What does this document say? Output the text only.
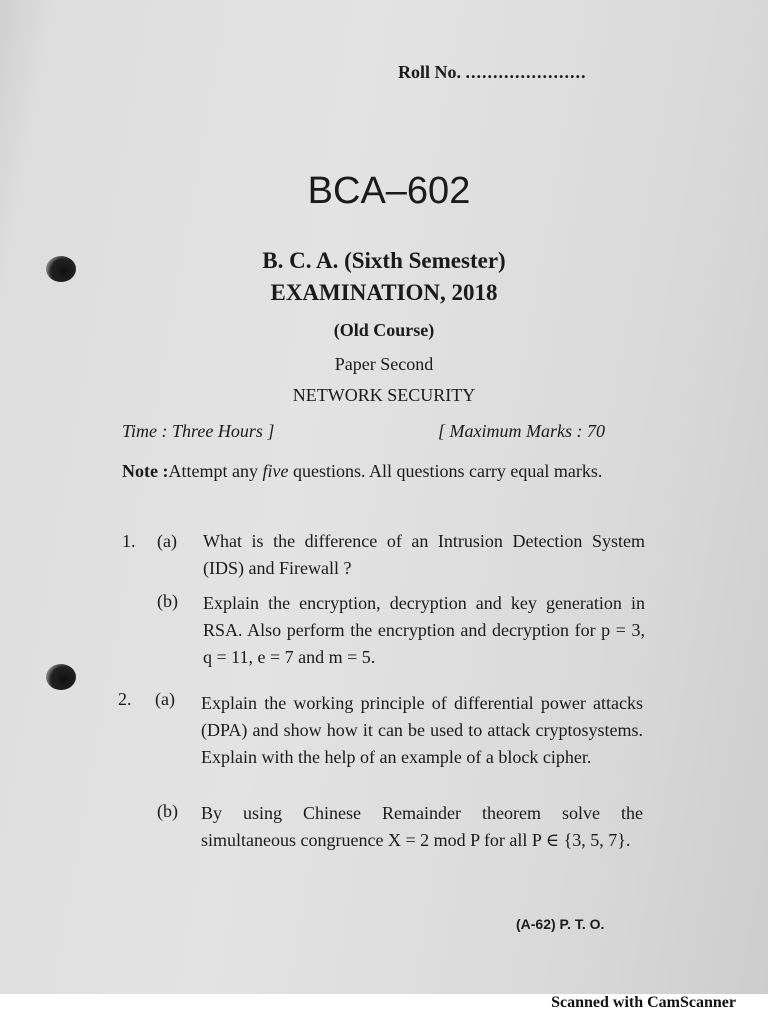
Roll No. ......................
BCA–602
B. C. A. (Sixth Semester)
EXAMINATION, 2018
(Old Course)
Paper Second
NETWORK SECURITY
Time : Three Hours ]	[ Maximum Marks : 70
Note :Attempt any five questions. All questions carry equal marks.
1. (a) What is the difference of an Intrusion Detection System (IDS) and Firewall ?
(b) Explain the encryption, decryption and key generation in RSA. Also perform the encryption and decryption for p = 3, q = 11, e = 7 and m = 5.
2. (a) Explain the working principle of differential power attacks (DPA) and show how it can be used to attack cryptosystems. Explain with the help of an example of a block cipher.
(b) By using Chinese Remainder theorem solve the simultaneous congruence X = 2 mod P for all P ∈ {3, 5, 7}.
(A-62) P. T. O.
Scanned with CamScanner
